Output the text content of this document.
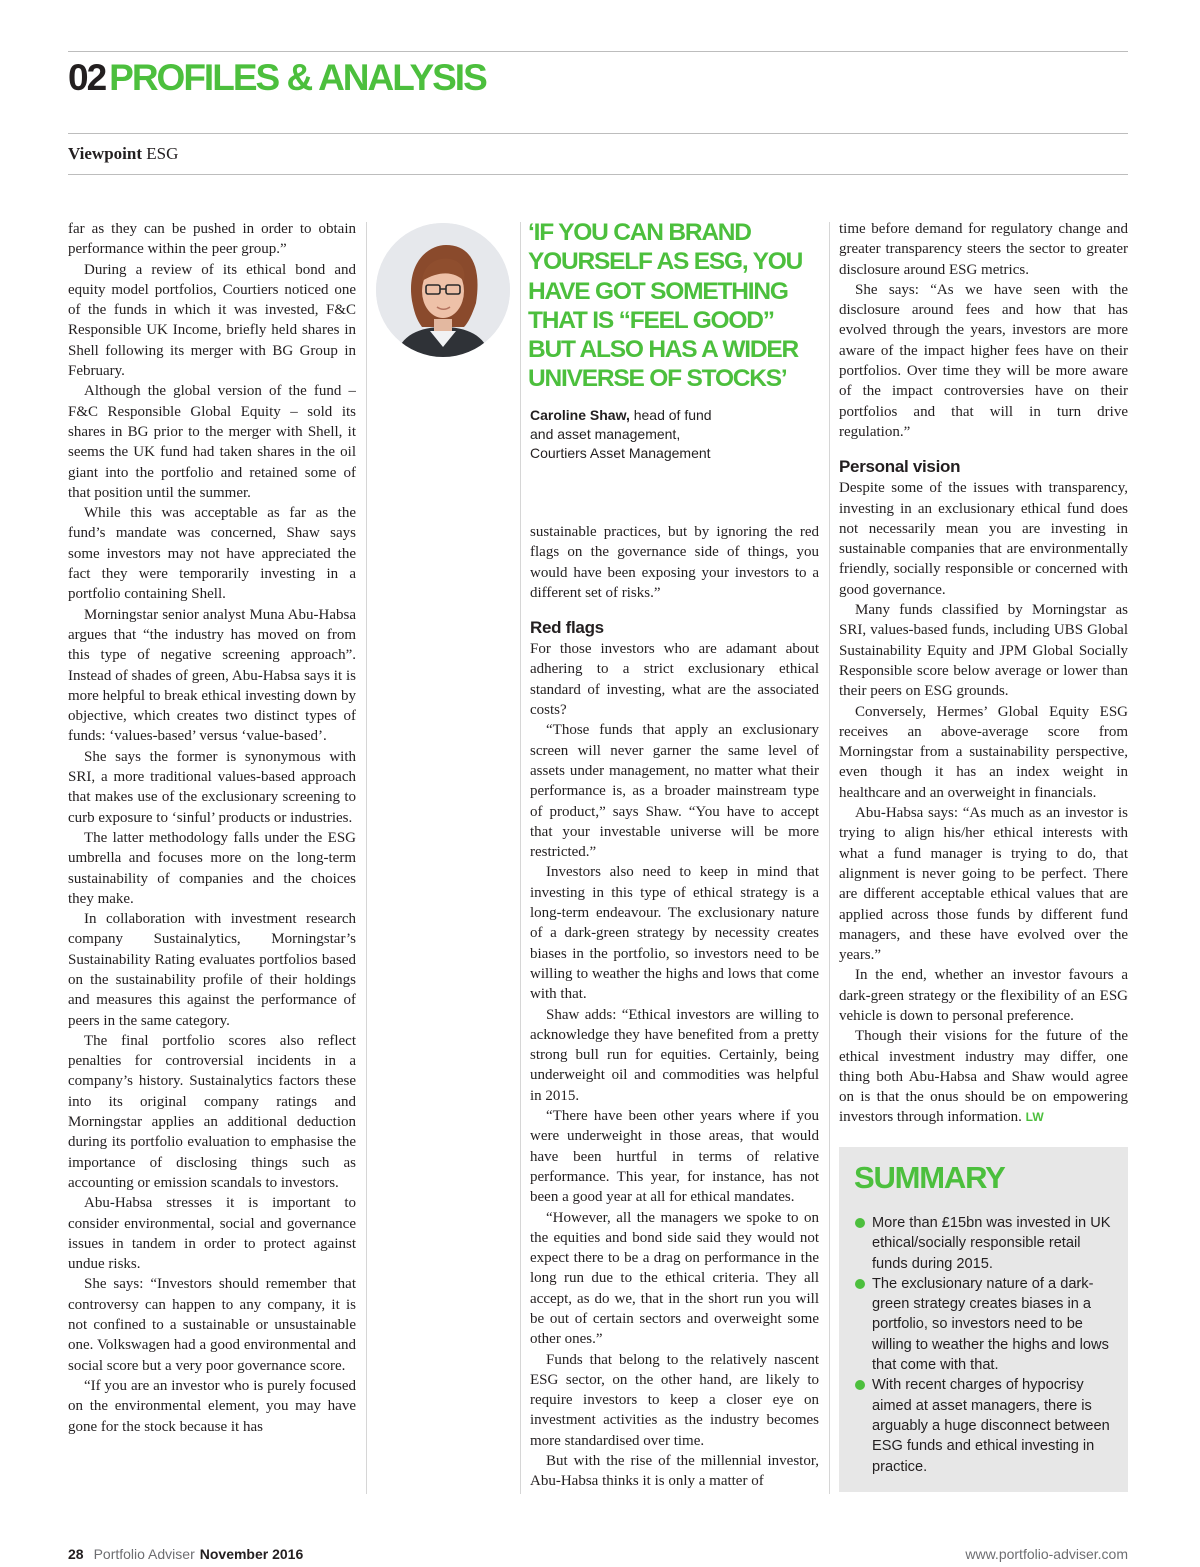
02 PROFILES & ANALYSIS
Viewpoint ESG

far as they can be pushed in order to obtain performance within the peer group.”

During a review of its ethical bond and equity model portfolios, Courtiers noticed one of the funds in which it was invested, F&C Responsible UK Income, briefly held shares in Shell following its merger with BG Group in February.

Although the global version of the fund – F&C Responsible Global Equity – sold its shares in BG prior to the merger with Shell, it seems the UK fund had taken shares in the oil giant into the portfolio and retained some of that position until the summer.

While this was acceptable as far as the fund’s mandate was concerned, Shaw says some investors may not have appreciated the fact they were temporarily investing in a portfolio containing Shell.

Morningstar senior analyst Muna Abu-Habsa argues that “the industry has moved on from this type of negative screening approach”. Instead of shades of green, Abu-Habsa says it is more helpful to break ethical investing down by objective, which creates two distinct types of funds: ‘values-based’ versus ‘value-based’.

She says the former is synonymous with SRI, a more traditional values-based approach that makes use of the exclusionary screening to curb exposure to ‘sinful’ products or industries.

The latter methodology falls under the ESG umbrella and focuses more on the long-term sustainability of companies and the choices they make.

In collaboration with investment research company Sustainalytics, Morningstar’s Sustainability Rating evaluates portfolios based on the sustainability profile of their holdings and measures this against the performance of peers in the same category.

The final portfolio scores also reflect penalties for controversial incidents in a company’s history. Sustainalytics factors these into its original company ratings and Morningstar applies an additional deduction during its portfolio evaluation to emphasise the importance of disclosing things such as accounting or emission scandals to investors.

Abu-Habsa stresses it is important to consider environmental, social and governance issues in tandem in order to protect against undue risks.

She says: “Investors should remember that controversy can happen to any company, it is not confined to a sustainable or unsustainable one. Volkswagen had a good environmental and social score but a very poor governance score.

“If you are an investor who is purely focused on the environmental element, you may have gone for the stock because it has

‘IF YOU CAN BRAND YOURSELF AS ESG, YOU HAVE GOT SOMETHING THAT IS “FEEL GOOD” BUT ALSO HAS A WIDER UNIVERSE OF STOCKS’
Caroline Shaw, head of fund
and asset management,
Courtiers Asset Management

sustainable practices, but by ignoring the red flags on the governance side of things, you would have been exposing your investors to a different set of risks.”

Red flags

For those investors who are adamant about adhering to a strict exclusionary ethical standard of investing, what are the associated costs?

“Those funds that apply an exclusionary screen will never garner the same level of assets under management, no matter what their performance is, as a broader mainstream type of product,” says Shaw. “You have to accept that your investable universe will be more restricted.”

Investors also need to keep in mind that investing in this type of ethical strategy is a long-term endeavour. The exclusionary nature of a dark-green strategy by necessity creates biases in the portfolio, so investors need to be willing to weather the highs and lows that come with that.

Shaw adds: “Ethical investors are willing to acknowledge they have benefited from a pretty strong bull run for equities. Certainly, being underweight oil and commodities was helpful in 2015.

“There have been other years where if you were underweight in those areas, that would have been hurtful in terms of relative performance. This year, for instance, has not been a good year at all for ethical mandates.

“However, all the managers we spoke to on the equities and bond side said they would not expect there to be a drag on performance in the long run due to the ethical criteria. They all accept, as do we, that in the short run you will be out of certain sectors and overweight some other ones.”

Funds that belong to the relatively nascent ESG sector, on the other hand, are likely to require investors to keep a closer eye on investment activities as the industry becomes more standardised over time.

But with the rise of the millennial investor, Abu-Habsa thinks it is only a matter of

time before demand for regulatory change and greater transparency steers the sector to greater disclosure around ESG metrics.

She says: “As we have seen with the disclosure around fees and how that has evolved through the years, investors are more aware of the impact higher fees have on their portfolios. Over time they will be more aware of the impact controversies have on their portfolios and that will in turn drive regulation.”

Personal vision

Despite some of the issues with transparency, investing in an exclusionary ethical fund does not necessarily mean you are investing in sustainable companies that are environmentally friendly, socially responsible or concerned with good governance.

Many funds classified by Morningstar as SRI, values-based funds, including UBS Global Sustainability Equity and JPM Global Socially Responsible score below average or lower than their peers on ESG grounds.

Conversely, Hermes’ Global Equity ESG receives an above-average score from Morningstar from a sustainability perspective, even though it has an index weight in healthcare and an overweight in financials.

Abu-Habsa says: “As much as an investor is trying to align his/her ethical interests with what a fund manager is trying to do, that alignment is never going to be perfect. There are different acceptable ethical values that are applied across those funds by different fund managers, and these have evolved over the years.”

In the end, whether an investor favours a dark-green strategy or the flexibility of an ESG vehicle is down to personal preference.

Though their visions for the future of the ethical investment industry may differ, one thing both Abu-Habsa and Shaw would agree on is that the onus should be on empowering investors through information. LW

SUMMARY
More than £15bn was invested in UK ethical/socially responsible retail funds during 2015.
The exclusionary nature of a dark-green strategy creates biases in a portfolio, so investors need to be willing to weather the highs and lows that come with that.
With recent charges of hypocrisy aimed at asset managers, there is arguably a huge disconnect between ESG funds and ethical investing in practice.
28 Portfolio Adviser November 2016	www.portfolio-adviser.com
